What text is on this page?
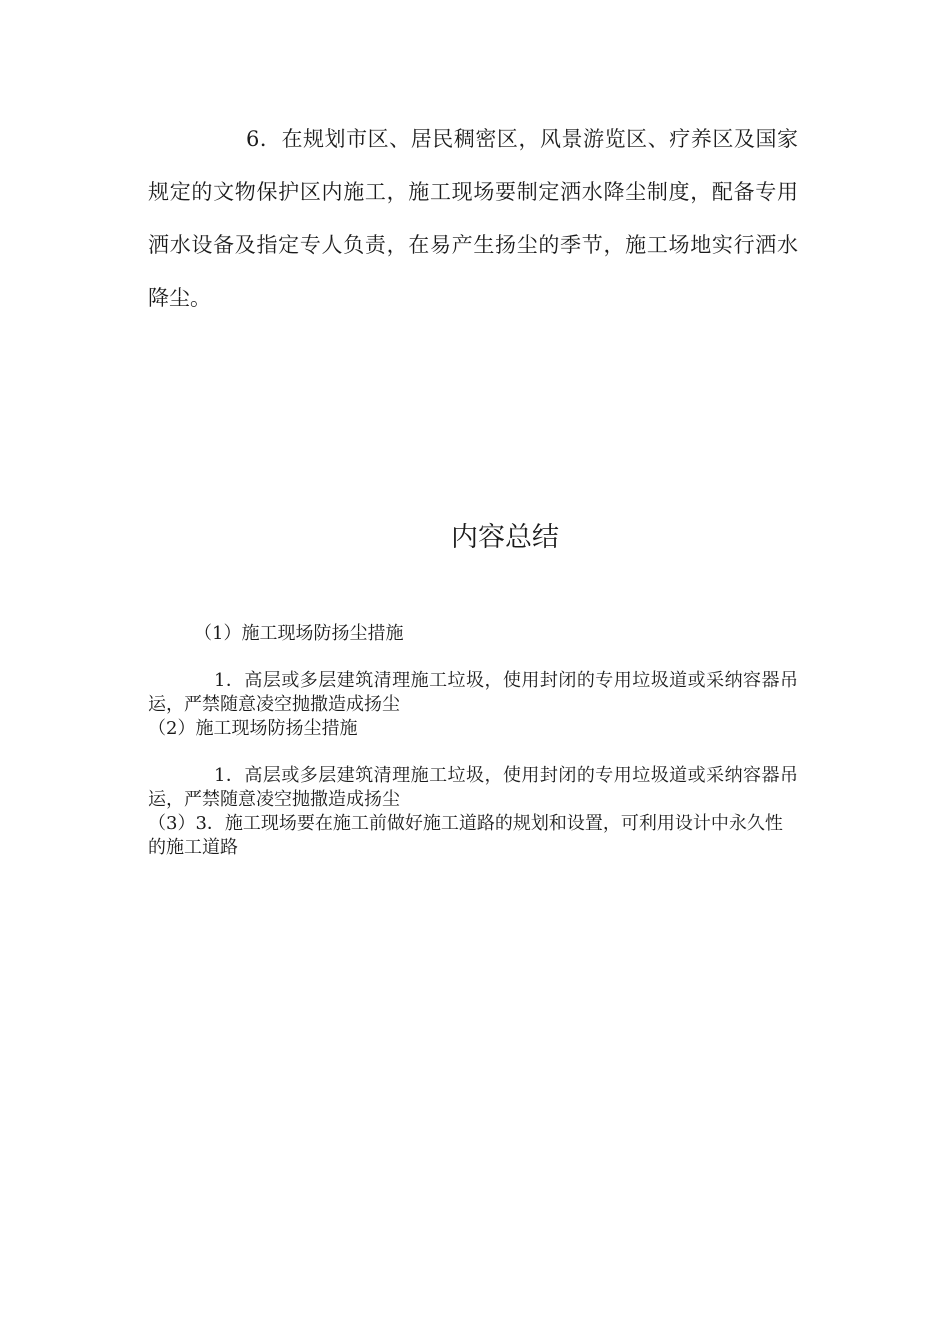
6．在规划市区、居民稠密区，风景游览区、疗养区及国家规定的文物保护区内施工，施工现场要制定洒水降尘制度，配备专用洒水设备及指定专人负责，在易产生扬尘的季节，施工场地实行洒水降尘。

内容总结

（1）施工现场防扬尘措施

1．高层或多层建筑清理施工垃圾，使用封闭的专用垃圾道或采纳容器吊运，严禁随意凌空抛撒造成扬尘

（2）施工现场防扬尘措施

1．高层或多层建筑清理施工垃圾，使用封闭的专用垃圾道或采纳容器吊运，严禁随意凌空抛撒造成扬尘

（3）3．施工现场要在施工前做好施工道路的规划和设置，可利用设计中永久性的施工道路
